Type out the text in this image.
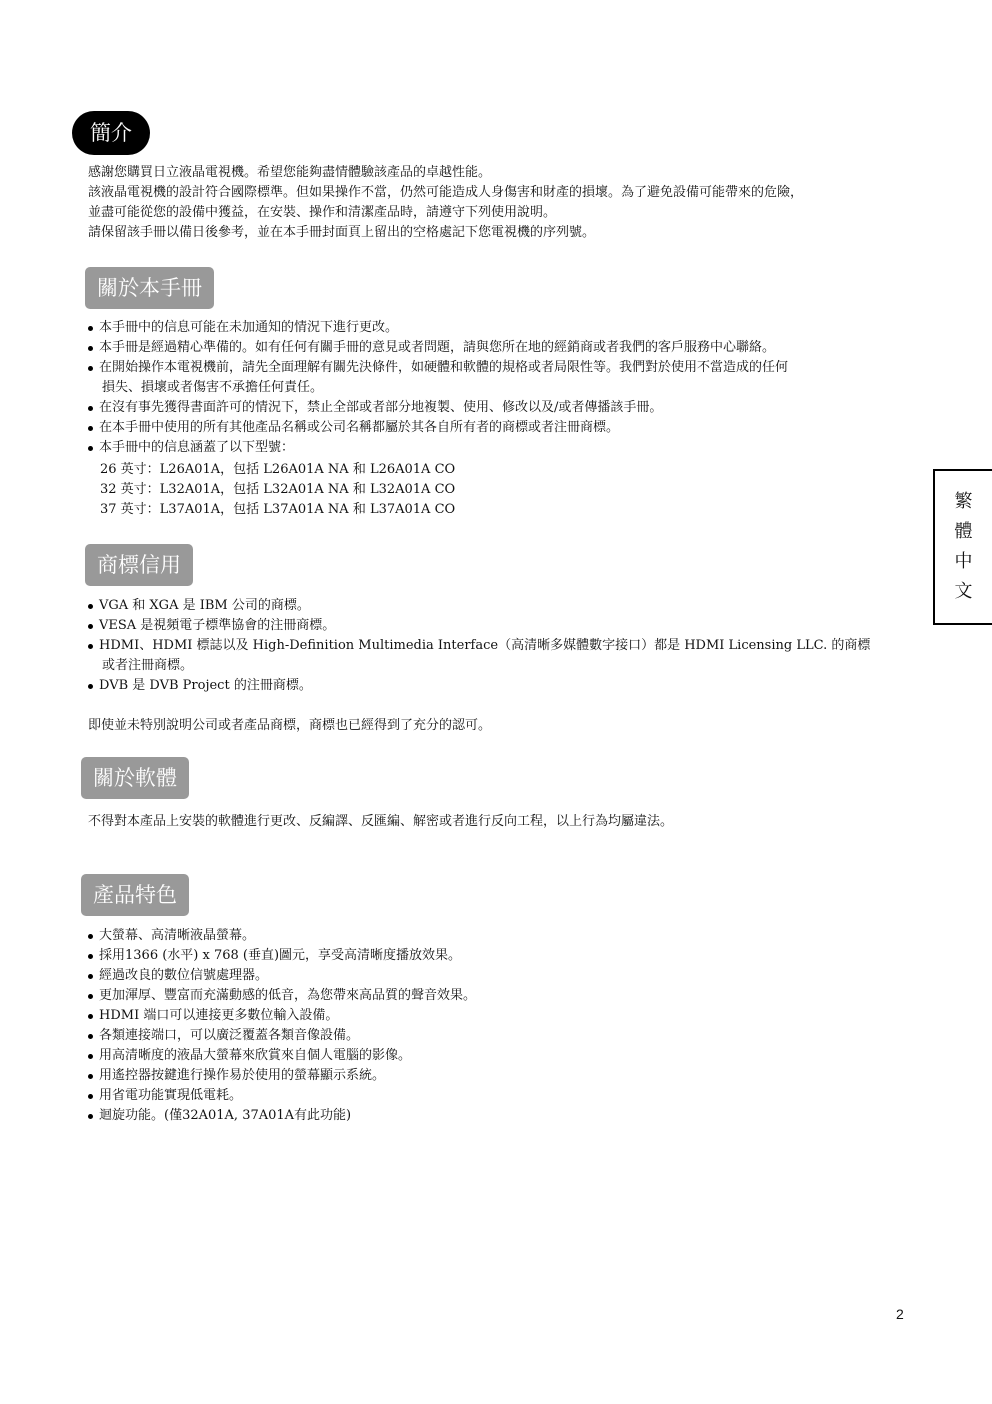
簡介
感謝您購買日立液晶電視機。希望您能夠盡情體驗該產品的卓越性能。
該液晶電視機的設計符合國際標準。但如果操作不當，仍然可能造成人身傷害和財產的損壞。為了避免設備可能帶來的危險，
並盡可能從您的設備中獲益，在安裝、操作和清潔產品時，請遵守下列使用說明。
請保留該手冊以備日後參考，並在本手冊封面頁上留出的空格處記下您電視機的序列號。
關於本手冊
本手冊中的信息可能在未加通知的情況下進行更改。
本手冊是經過精心準備的。如有任何有關手冊的意見或者問題，請與您所在地的經銷商或者我們的客戶服務中心聯絡。
在開始操作本電視機前，請先全面理解有關先決條件，如硬體和軟體的規格或者局限性等。我們對於使用不當造成的任何
損失、損壞或者傷害不承擔任何責任。
在沒有事先獲得書面許可的情況下，禁止全部或者部分地複製、使用、修改以及/或者傳播該手冊。
在本手冊中使用的所有其他產品名稱或公司名稱都屬於其各自所有者的商標或者注冊商標。
本手冊中的信息涵蓋了以下型號：
26 英寸：L26A01A，包括 L26A01A NA 和 L26A01A CO
32 英寸：L32A01A，包括 L32A01A NA 和 L32A01A CO
37 英寸：L37A01A，包括 L37A01A NA 和 L37A01A CO
商標信用
VGA 和 XGA 是 IBM 公司的商標。
VESA 是視頻電子標準協會的注冊商標。
HDMI、HDMI 標誌以及 High-Definition Multimedia Interface（高清晰多媒體數字接口）都是 HDMI Licensing LLC. 的商標
或者注冊商標。
DVB 是 DVB Project 的注冊商標。
即使並未特別說明公司或者產品商標，商標也已經得到了充分的認可。
關於軟體
不得對本產品上安裝的軟體進行更改、反編譯、反匯編、解密或者進行反向工程，以上行為均屬違法。
產品特色
大螢幕、高清晰液晶螢幕。
採用1366 (水平) x 768 (垂直)圖元，享受高清晰度播放效果。
經過改良的數位信號處理器。
更加渾厚、豐富而充滿動感的低音，為您帶來高品質的聲音效果。
HDMI 端口可以連接更多數位輸入設備。
各類連接端口，可以廣泛覆蓋各類音像設備。
用高清晰度的液晶大螢幕來欣賞來自個人電腦的影像。
用遙控器按鍵進行操作易於使用的螢幕顯示系統。
用省電功能實現低電耗。
迴旋功能。(僅32A01A, 37A01A有此功能)
繁
體
中
文
2
